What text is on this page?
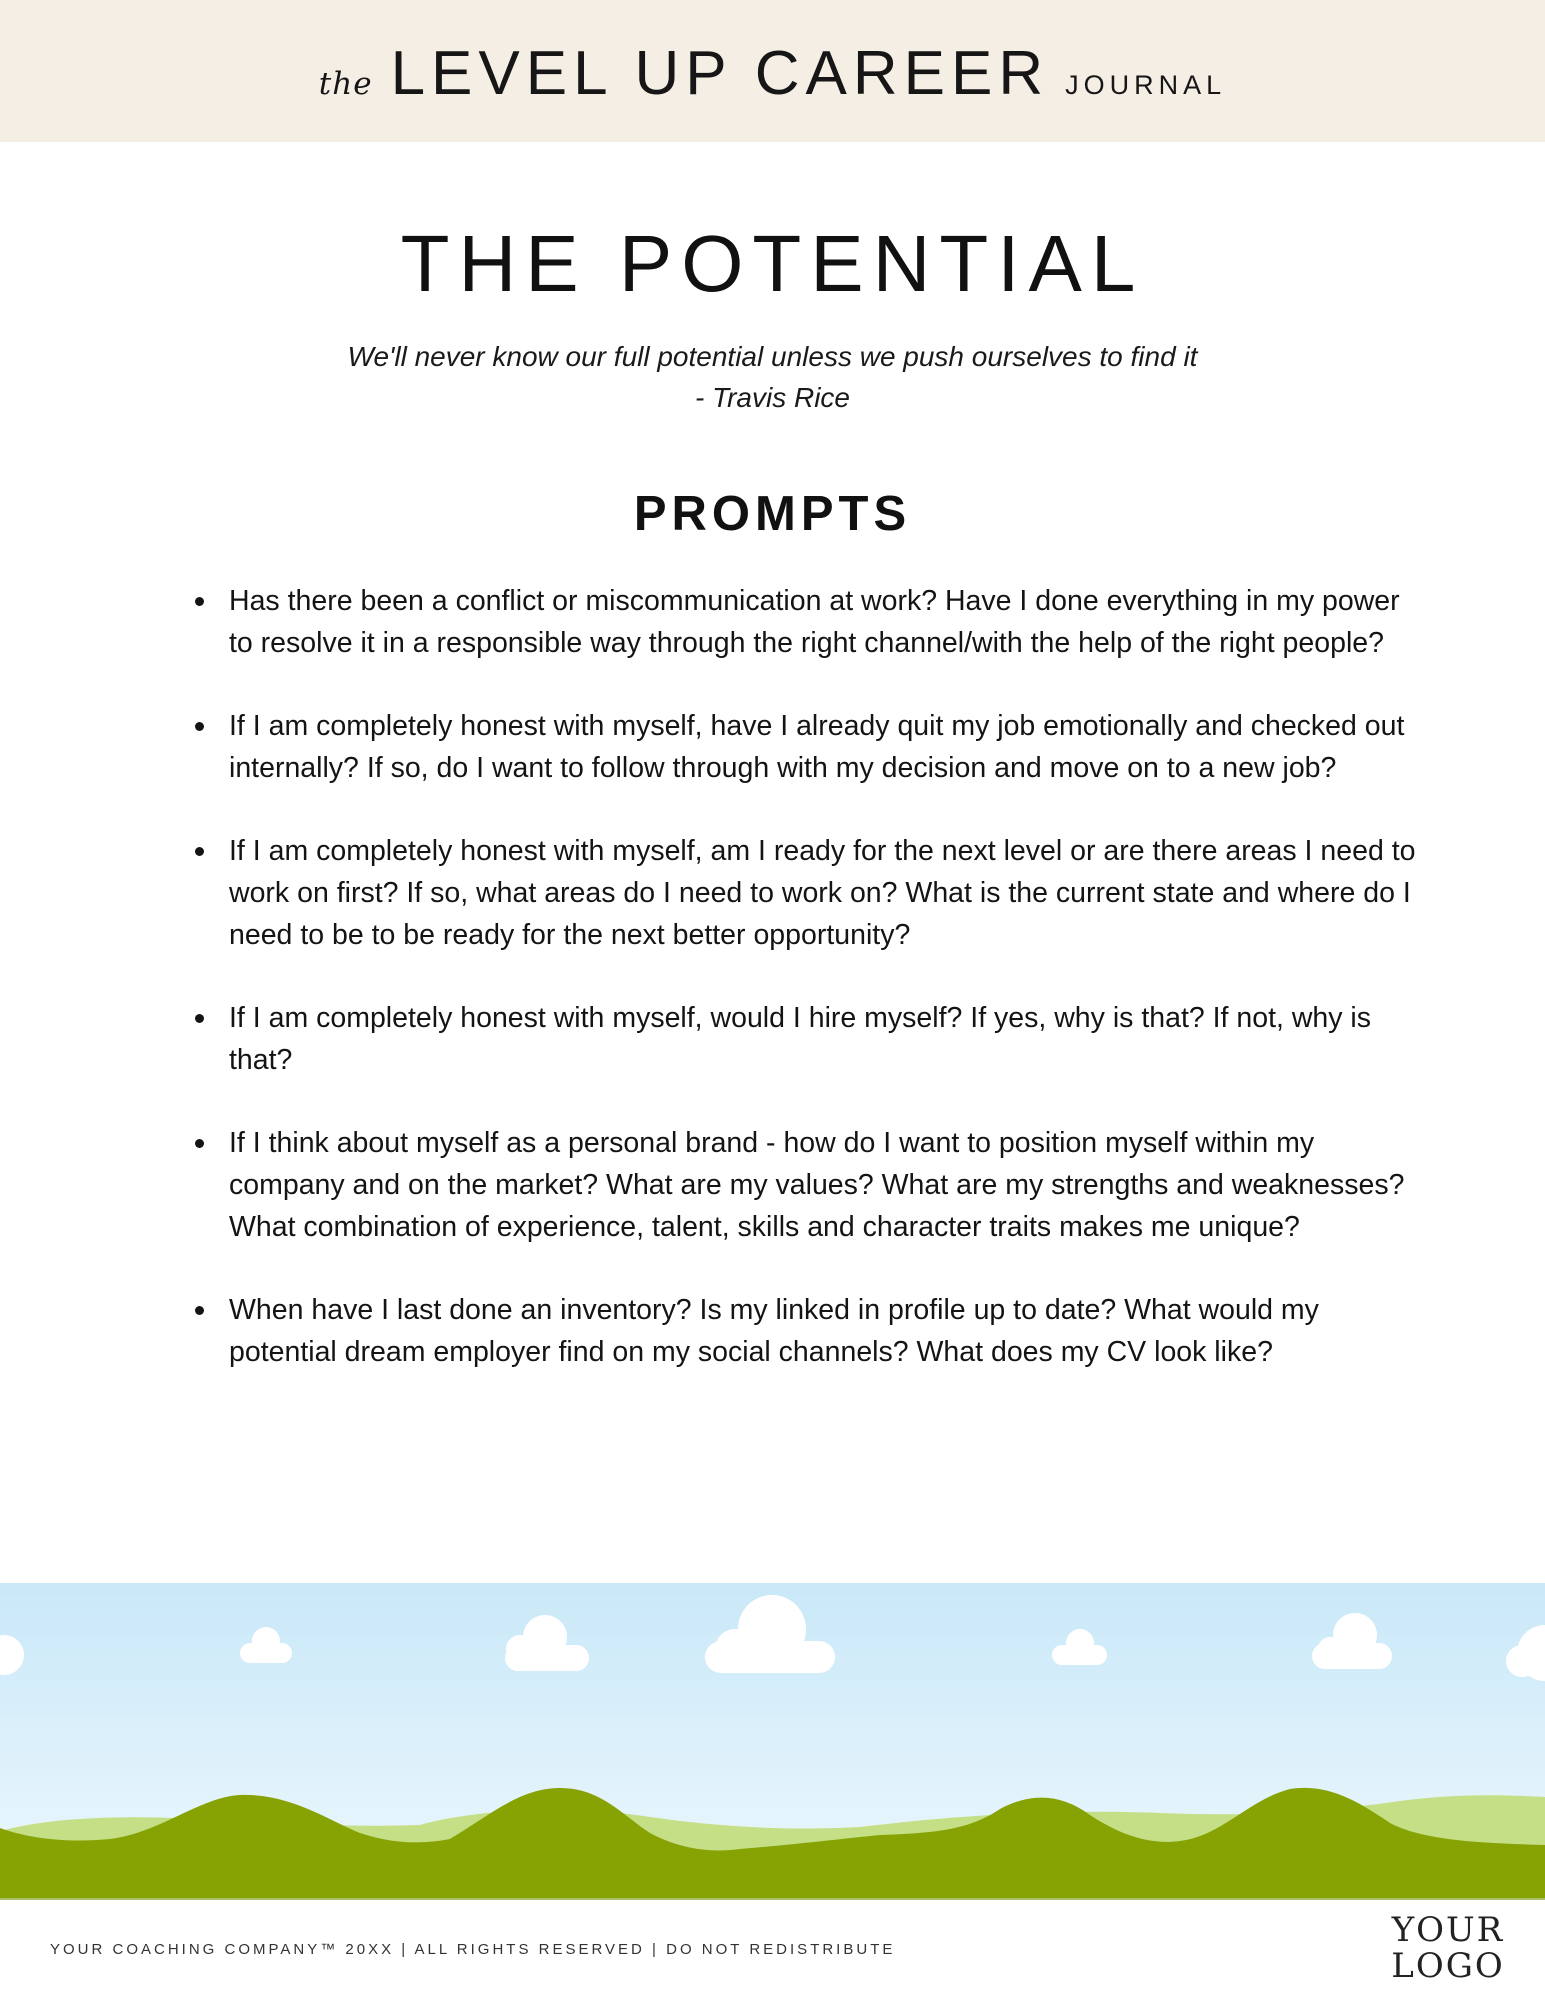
the LEVEL UP CAREER JOURNAL
THE POTENTIAL
We'll never know our full potential unless we push ourselves to find it
- Travis Rice
PROMPTS
Has there been a conflict or miscommunication at work? Have I done everything in my power to resolve it in a responsible way through the right channel/with the help of the right people?
If I am completely honest with myself, have I already quit my job emotionally and checked out internally? If so, do I want to follow through with my decision and move on to a new job?
If I am completely honest with myself, am I ready for the next level or are there areas I need to work on first? If so, what areas do I need to work on? What is the current state and where do I need to be to be ready for the next better opportunity?
If I am completely honest with myself, would I hire myself? If yes, why is that? If not, why is that?
If I think about myself as a personal brand - how do I want to position myself within my company and on the market? What are my values? What are my strengths and weaknesses? What combination of experience, talent, skills and character traits makes me unique?
When have I last done an inventory? Is my linked in profile up to date? What would my potential dream employer find on my social channels? What does my CV look like?
YOUR COACHING COMPANY™ 20XX | ALL RIGHTS RESERVED | DO NOT REDISTRIBUTE	YOUR
LOGO
